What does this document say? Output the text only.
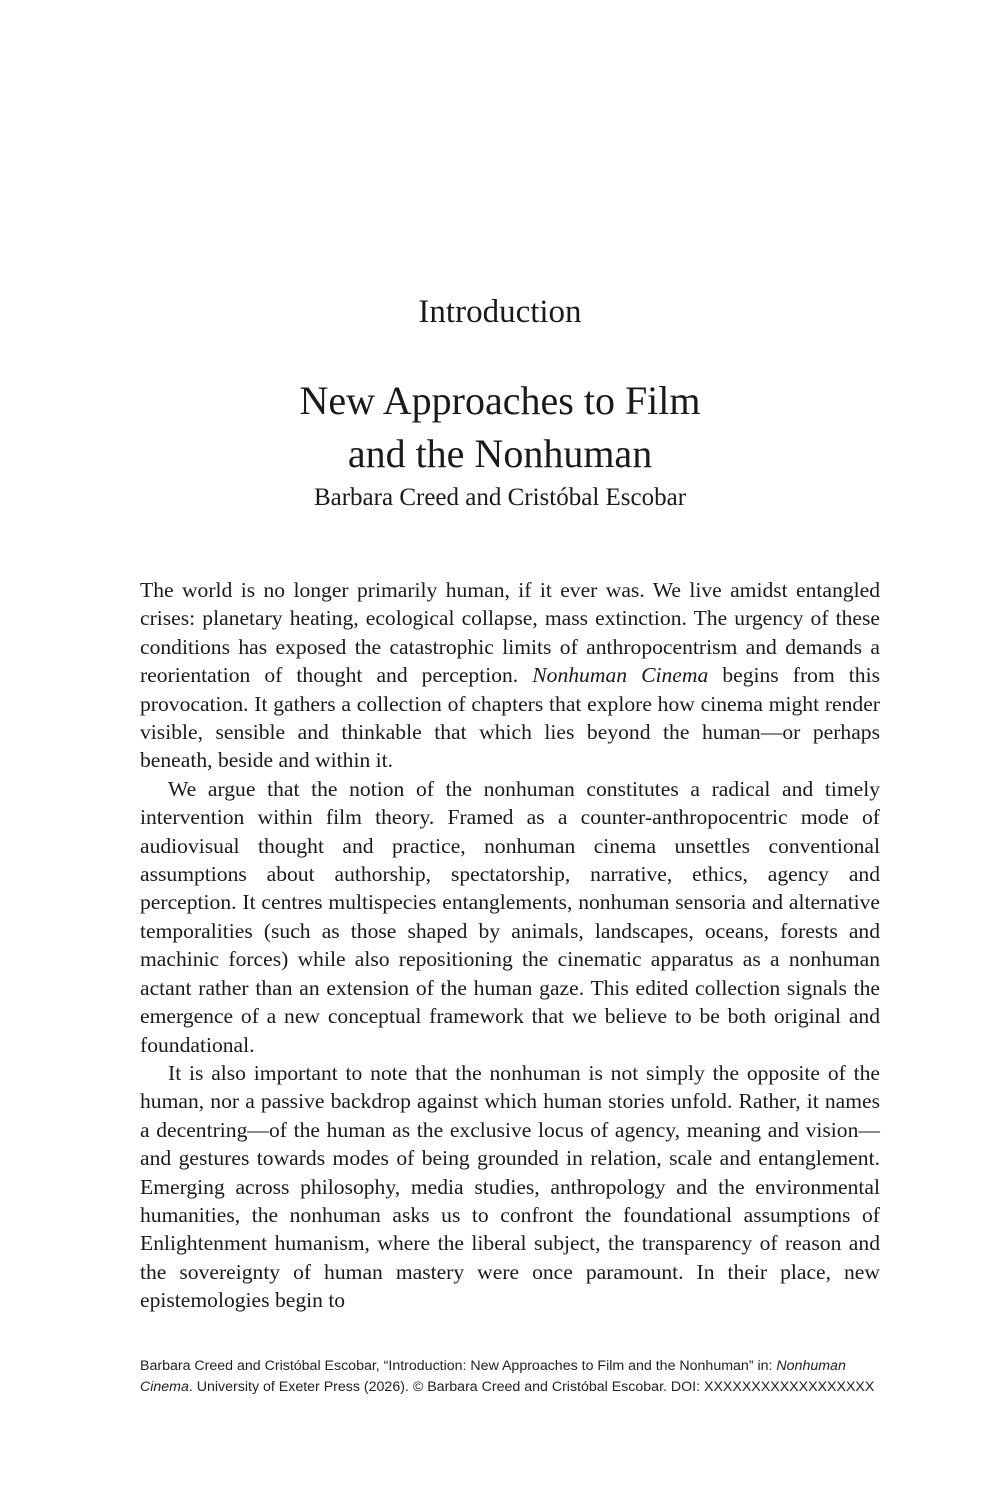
Introduction
New Approaches to Film
and the Nonhuman
Barbara Creed and Cristóbal Escobar

The world is no longer primarily human, if it ever was. We live amidst entangled crises: planetary heating, ecological collapse, mass extinction. The urgency of these conditions has exposed the catastrophic limits of anthropocentrism and demands a reorientation of thought and perception. Nonhuman Cinema begins from this provocation. It gathers a collection of chapters that explore how cinema might render visible, sensible and thinkable that which lies beyond the human—or perhaps beneath, beside and within it.

We argue that the notion of the nonhuman constitutes a radical and timely intervention within film theory. Framed as a counter-anthropocentric mode of audiovisual thought and practice, nonhuman cinema unsettles conventional assumptions about authorship, spectatorship, narrative, ethics, agency and perception. It centres multispecies entanglements, nonhuman sensoria and alternative temporalities (such as those shaped by animals, landscapes, oceans, forests and machinic forces) while also repositioning the cinematic apparatus as a nonhuman actant rather than an extension of the human gaze. This edited collection signals the emergence of a new conceptual framework that we believe to be both original and foundational.

It is also important to note that the nonhuman is not simply the opposite of the human, nor a passive backdrop against which human stories unfold. Rather, it names a decentring—of the human as the exclusive locus of agency, meaning and vision—and gestures towards modes of being grounded in relation, scale and entanglement. Emerging across philosophy, media studies, anthropology and the environmental humanities, the nonhuman asks us to confront the foundational assumptions of Enlightenment humanism, where the liberal subject, the transparency of reason and the sovereignty of human mastery were once paramount. In their place, new epistemologies begin to

Barbara Creed and Cristóbal Escobar, “Introduction: New Approaches to Film and the Nonhuman” in: Nonhuman Cinema. University of Exeter Press (2026). © Barbara Creed and Cristóbal Escobar. DOI: XXXXXXXXXXXXXXXXXX
